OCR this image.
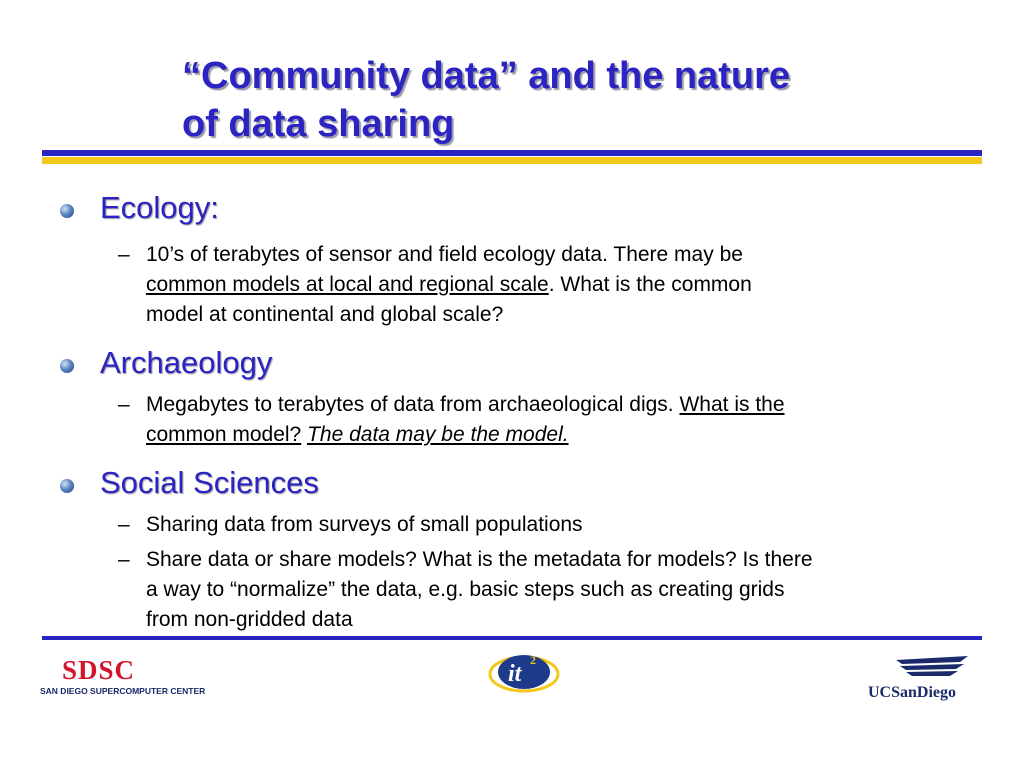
“Community data” and the nature
of data sharing
Ecology:
– 10’s of terabytes of sensor and field ecology data. There may be
common models at local and regional scale. What is the common
model at continental and global scale?
Archaeology
– Megabytes to terabytes of data from archaeological digs. What is the
common model? The data may be the model.
Social Sciences
– Sharing data from surveys of small populations
– Share data or share models? What is the metadata for models? Is there
a way to “normalize” the data, e.g. basic steps such as creating grids
from non-gridded data
SDSC
SAN DIEGO SUPERCOMPUTER CENTER
it
2
UCSanDiego
